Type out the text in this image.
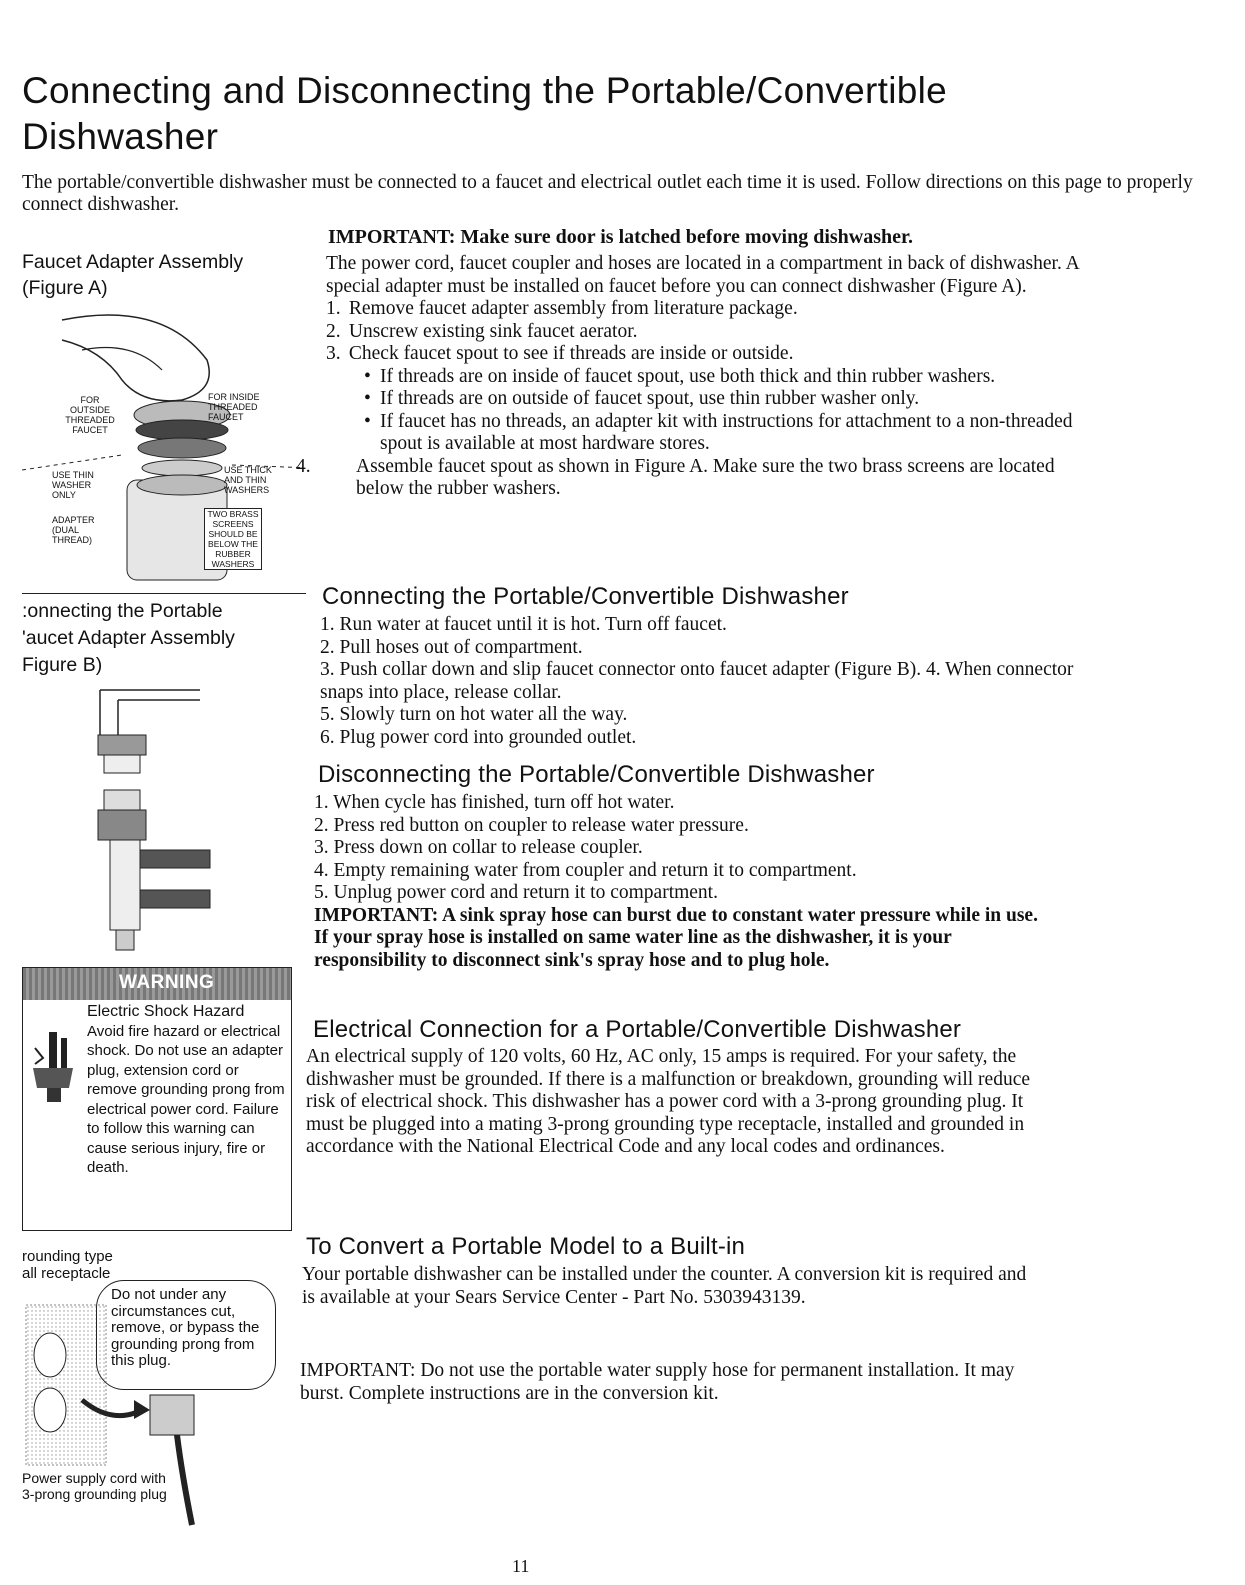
Connecting and Disconnecting the Portable/Convertible Dishwasher
The portable/convertible dishwasher must be connected to a faucet and electrical outlet each time it is used. Follow directions on this page to properly connect dishwasher.
Faucet Adapter Assembly
(Figure A)
IMPORTANT: Make sure door is latched before moving dishwasher.

The power cord, faucet coupler and hoses are located in a compartment in back of dishwasher. A special adapter must be installed on faucet before you can connect dishwasher (Figure A).

1. Remove faucet adapter assembly from literature package.
2. Unscrew existing sink faucet aerator.
3. Check faucet spout to see if threads are inside or outside.
• If threads are on inside of faucet spout, use both thick and thin rubber washers.
• If threads are on outside of faucet spout, use thin rubber washer only.
• If faucet has no threads, an adapter kit with instructions for attachment to a non-threaded spout is available at most hardware stores.
4. Assemble faucet spout as shown in Figure A. Make sure the two brass screens are located below the rubber washers.
FOR OUTSIDE THREADED FAUCET
FOR INSIDE THREADED FAUCET
USE THIN WASHER ONLY
USE THICK AND THIN WASHERS
ADAPTER (DUAL THREAD)
TWO BRASS SCREENS SHOULD BE BELOW THE RUBBER WASHERS
:onnecting the Portable
'aucet Adapter Assembly
Figure B)
Connecting the Portable/Convertible Dishwasher
1. Run water at faucet until it is hot. Turn off faucet.
2. Pull hoses out of compartment.
3. Push collar down and slip faucet connector onto faucet adapter (Figure B). 4. When connector snaps into place, release collar.
5. Slowly turn on hot water all the way.
6. Plug power cord into grounded outlet.
Disconnecting the Portable/Convertible Dishwasher
1. When cycle has finished, turn off hot water.
2. Press red button on coupler to release water pressure.
3. Press down on collar to release coupler.
4. Empty remaining water from coupler and return it to compartment.
5. Unplug power cord and return it to compartment.
IMPORTANT: A sink spray hose can burst due to constant water pressure while in use. If your spray hose is installed on same water line as the dishwasher, it is your responsibility to disconnect sink's spray hose and to plug hole.
WARNING
Electric Shock Hazard
Avoid fire hazard or electrical shock. Do not use an adapter plug, extension cord or remove grounding prong from electrical power cord. Failure to follow this warning can cause serious injury, fire or death.
Electrical Connection for a Portable/Convertible Dishwasher
An electrical supply of 120 volts, 60 Hz, AC only, 15 amps is required. For your safety, the dishwasher must be grounded. If there is a malfunction or breakdown, grounding will reduce risk of electrical shock. This dishwasher has a power cord with a 3-prong grounding plug. It must be plugged into a mating 3-prong grounding type receptacle, installed and grounded in accordance with the National Electrical Code and any local codes and ordinances.
rounding type
all receptacle
Do not under any circumstances cut, remove, or bypass the grounding prong from this plug.
Power supply cord with 3-prong grounding plug
To Convert a Portable Model to a Built-in
Your portable dishwasher can be installed under the counter. A conversion kit is required and is available at your Sears Service Center - Part No. 5303943139.
IMPORTANT: Do not use the portable water supply hose for permanent installation. It may burst. Complete instructions are in the conversion kit.
11
